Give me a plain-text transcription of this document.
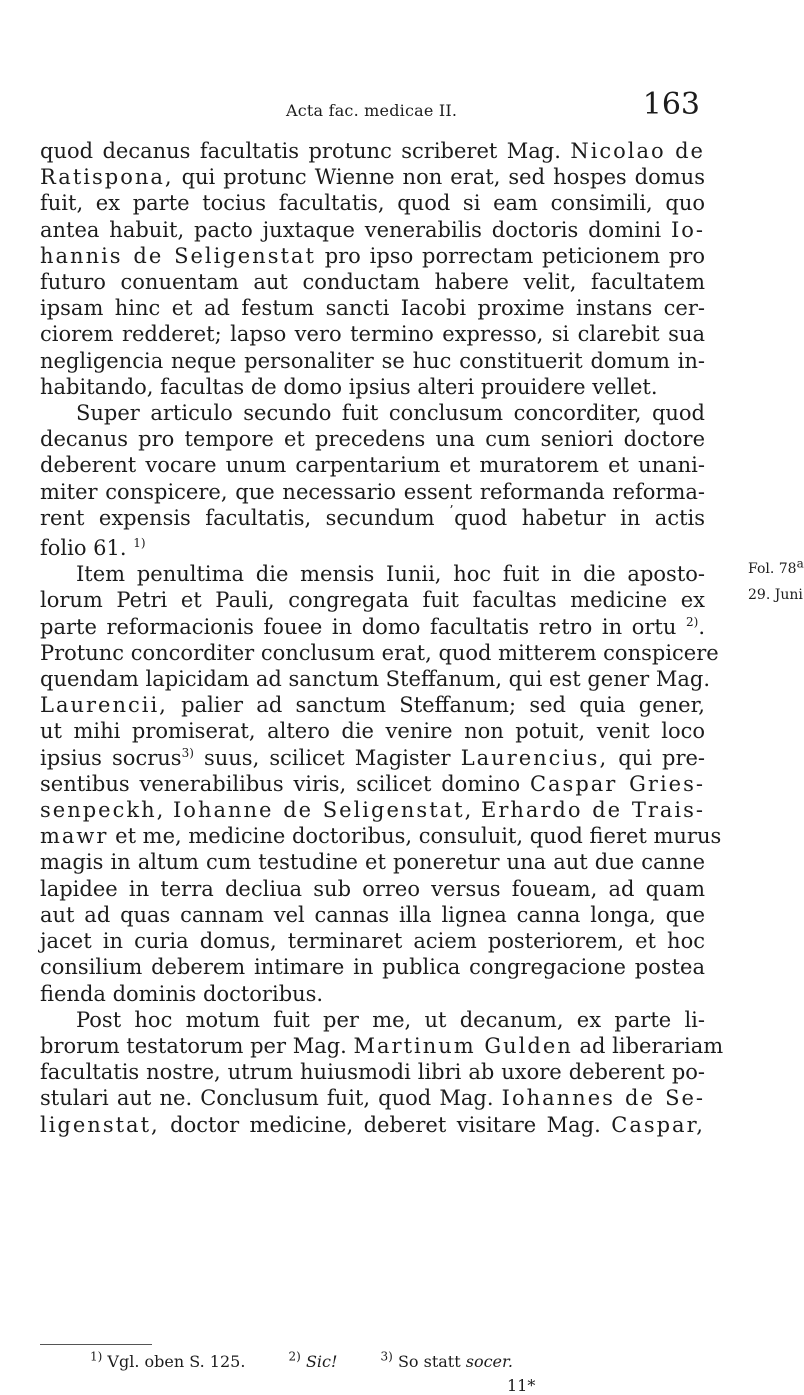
Acta fac. medicae II.	163
quod decanus facultatis protunc scriberet Mag. Nicolao de
Ratispona, qui protunc Wienne non erat, sed hospes domus
fuit, ex parte tocius facultatis, quod si eam consimili, quo
antea habuit, pacto juxtaque venerabilis doctoris domini Io-
hannis de Seligenstat pro ipso porrectam peticionem pro
futuro conuentam aut conductam habere velit, facultatem
ipsam hinc et ad festum sancti Iacobi proxime instans cer-
ciorem redderet; lapso vero termino expresso, si clarebit sua
negligencia neque personaliter se huc constituerit domum in-
habitando, facultas de domo ipsius alteri prouidere vellet.
Super articulo secundo fuit conclusum concorditer, quod
decanus pro tempore et precedens una cum seniori doctore
deberent vocare unum carpentarium et muratorem et unani-
miter conspicere, que necessario essent reformanda reforma-
rent expensis facultatis, secundum $^ʼ$quod habetur in actis
folio 61. $^{1)}$
Item penultima die mensis Iunii, hoc fuit in die aposto-
lorum Petri et Pauli, congregata fuit facultas medicine ex
parte reformacionis fouee in domo facultatis retro in ortu $^{2)}$.
Protunc concorditer conclusum erat, quod mitterem conspicere
quendam lapicidam ad sanctum Steffanum, qui est gener Mag.
Laurencii, palier ad sanctum Steffanum; sed quia gener,
ut mihi promiserat, altero die venire non potuit, venit loco
ipsius socrus$^{3)}$ suus, scilicet Magister Laurencius, qui pre-
sentibus venerabilibus viris, scilicet domino Caspar Gries-
senpeckh, Iohanne de Seligenstat, Erhardo de Trais-
mawr et me, medicine doctoribus, consuluit, quod fieret murus
magis in altum cum testudine et poneretur una aut due canne
lapidee in terra decliua sub orreo versus foueam, ad quam
aut ad quas cannam vel cannas illa lignea canna longa, que
jacet in curia domus, terminaret aciem posteriorem, et hoc
consilium deberem intimare in publica congregacione postea
fienda dominis doctoribus.
Post hoc motum fuit per me, ut decanum, ex parte li-
brorum testatorum per Mag. Martinum Gulden ad liberariam
facultatis nostre, utrum huiusmodi libri ab uxore deberent po-
stulari aut ne. Conclusum fuit, quod Mag. Iohannes de Se-
ligenstat, doctor medicine, deberet visitare Mag. Caspar,
Fol. 78$^a$
29. Juni
$^{1)}$ Vgl. oben S. 125.	$^{2)}$ Sic!	$^{3)}$ So statt socer.
11*
